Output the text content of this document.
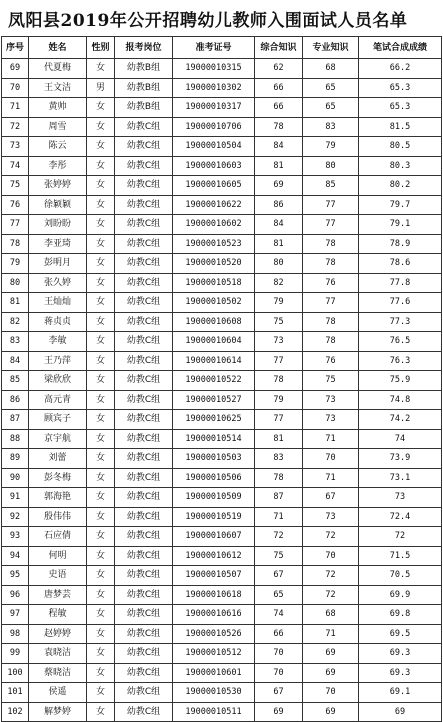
凤阳县2019年公开招聘幼儿教师入围面试人员名单
序号	姓名	性别	报考岗位	准考证号	综合知识	专业知识	笔试合成成绩
69	代夏梅	女	幼教B组	19000010315	62	68	66.2
70	王文洁	男	幼教B组	19000010302	66	65	65.3
71	黄帅	女	幼教B组	19000010317	66	65	65.3
72	周雪	女	幼教C组	19000010706	78	83	81.5
73	陈云	女	幼教C组	19000010504	84	79	80.5
74	李彤	女	幼教C组	19000010603	81	80	80.3
75	张婷婷	女	幼教C组	19000010605	69	85	80.2
76	徐颖颖	女	幼教C组	19000010622	86	77	79.7
77	刘盼盼	女	幼教C组	19000010602	84	77	79.1
78	李亚琦	女	幼教C组	19000010523	81	78	78.9
79	彭明月	女	幼教C组	19000010520	80	78	78.6
80	张久婷	女	幼教C组	19000010518	82	76	77.8
81	王灿灿	女	幼教C组	19000010502	79	77	77.6
82	蒋贞贞	女	幼教C组	19000010608	75	78	77.3
83	李敏	女	幼教C组	19000010604	73	78	76.5
84	王乃萍	女	幼教C组	19000010614	77	76	76.3
85	梁欣欣	女	幼教C组	19000010522	78	75	75.9
86	高元青	女	幼教C组	19000010527	79	73	74.8
87	顾宾子	女	幼教C组	19000010625	77	73	74.2
88	京宇航	女	幼教C组	19000010514	81	71	74
89	刘蕾	女	幼教C组	19000010503	83	70	73.9
90	彭冬梅	女	幼教C组	19000010506	78	71	73.1
91	郭海艳	女	幼教C组	19000010509	87	67	73
92	殷伟伟	女	幼教C组	19000010519	71	73	72.4
93	石应倩	女	幼教C组	19000010607	72	72	72
94	何明	女	幼教C组	19000010612	75	70	71.5
95	史语	女	幼教C组	19000010507	67	72	70.5
96	唐梦芸	女	幼教C组	19000010618	65	72	69.9
97	程敏	女	幼教C组	19000010616	74	68	69.8
98	赵婷婷	女	幼教C组	19000010526	66	71	69.5
99	袁晓洁	女	幼教C组	19000010512	70	69	69.3
100	蔡晓洁	女	幼教C组	19000010601	70	69	69.3
101	侯遥	女	幼教C组	19000010530	67	70	69.1
102	解梦婷	女	幼教C组	19000010511	69	69	69
